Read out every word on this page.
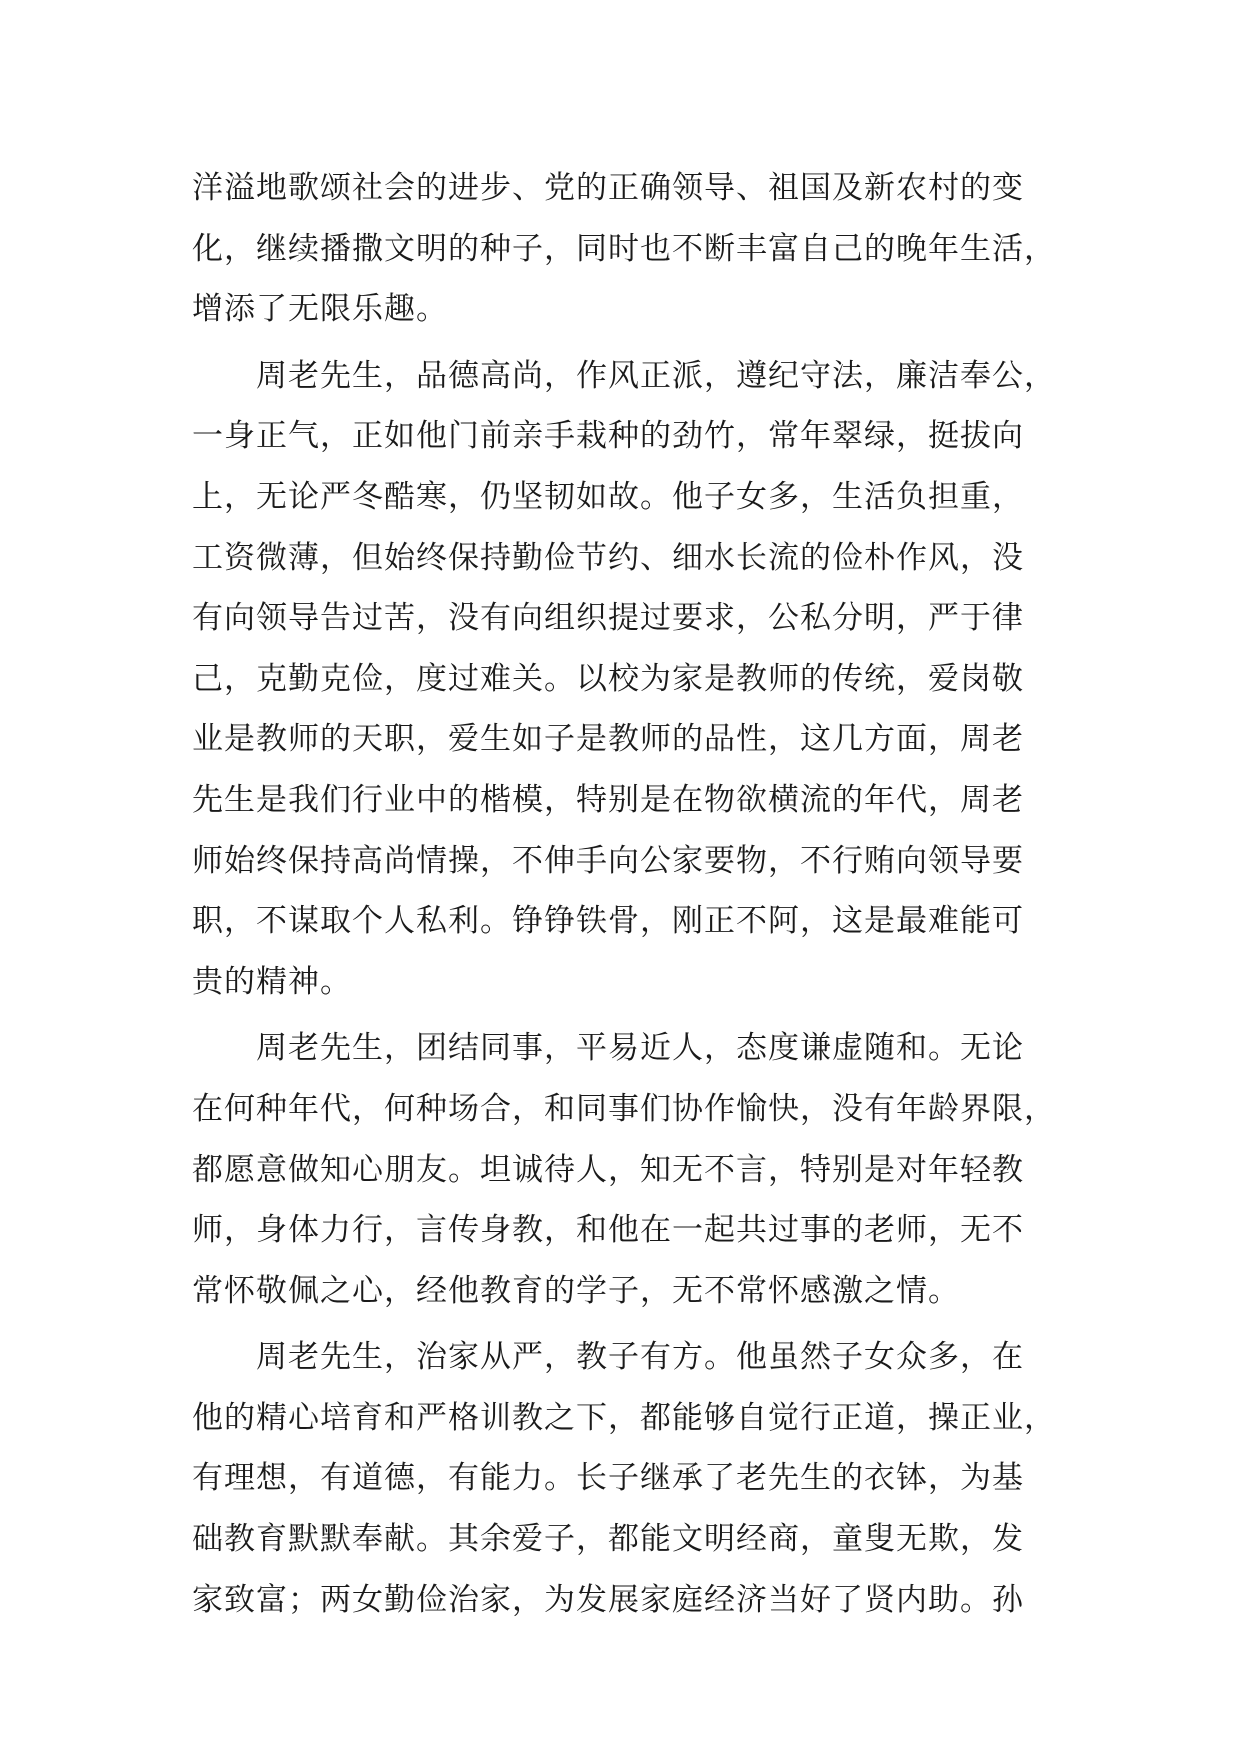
洋溢地歌颂社会的进步、党的正确领导、祖国及新农村的变
化，继续播撒文明的种子，同时也不断丰富自己的晚年生活，
增添了无限乐趣。
　　周老先生，品德高尚，作风正派，遵纪守法，廉洁奉公，
一身正气，正如他门前亲手栽种的劲竹，常年翠绿，挺拔向
上，无论严冬酷寒，仍坚韧如故。他子女多，生活负担重，
工资微薄，但始终保持勤俭节约、细水长流的俭朴作风，没
有向领导告过苦，没有向组织提过要求，公私分明，严于律
己，克勤克俭，度过难关。以校为家是教师的传统，爱岗敬
业是教师的天职，爱生如子是教师的品性，这几方面，周老
先生是我们行业中的楷模，特别是在物欲横流的年代，周老
师始终保持高尚情操，不伸手向公家要物，不行贿向领导要
职，不谋取个人私利。铮铮铁骨，刚正不阿，这是最难能可
贵的精神。
　　周老先生，团结同事，平易近人，态度谦虚随和。无论
在何种年代，何种场合，和同事们协作愉快，没有年龄界限，
都愿意做知心朋友。坦诚待人，知无不言，特别是对年轻教
师，身体力行，言传身教，和他在一起共过事的老师，无不
常怀敬佩之心，经他教育的学子，无不常怀感激之情。
　　周老先生，治家从严，教子有方。他虽然子女众多，在
他的精心培育和严格训教之下，都能够自觉行正道，操正业，
有理想，有道德，有能力。长子继承了老先生的衣钵，为基
础教育默默奉献。其余爱子，都能文明经商，童叟无欺，发
家致富；两女勤俭治家，为发展家庭经济当好了贤内助。孙
